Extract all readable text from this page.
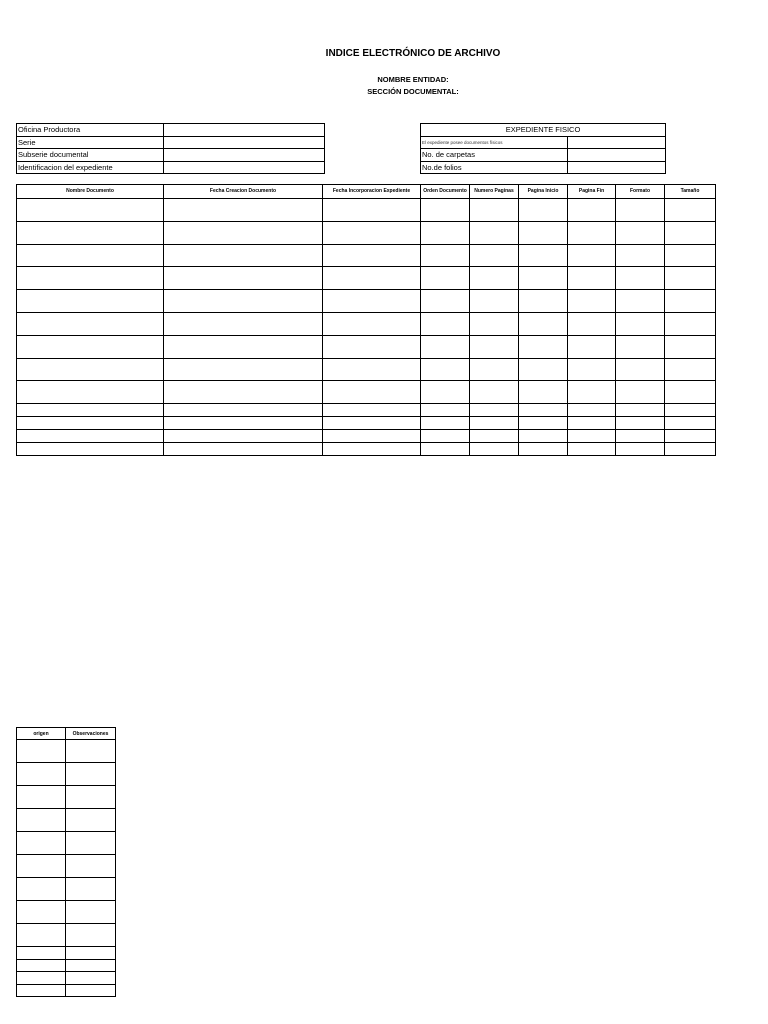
INDICE ELECTRÓNICO DE ARCHIVO
NOMBRE ENTIDAD:
SECCIÓN DOCUMENTAL:
Oficina Productora	
Serie	
Subserie documental	
Identificacion del expediente	
EXPEDIENTE FISICO	
El expediente posee documentos físicos	
No. de carpetas	
No.de folios	
Nombre Documento	Fecha Creacion Documento	Fecha Incorporacion Expediente	Orden Documento	Numero Paginas	Pagina Inicio	Pagina Fin	Formato	Tamaño

origen	Observaciones
